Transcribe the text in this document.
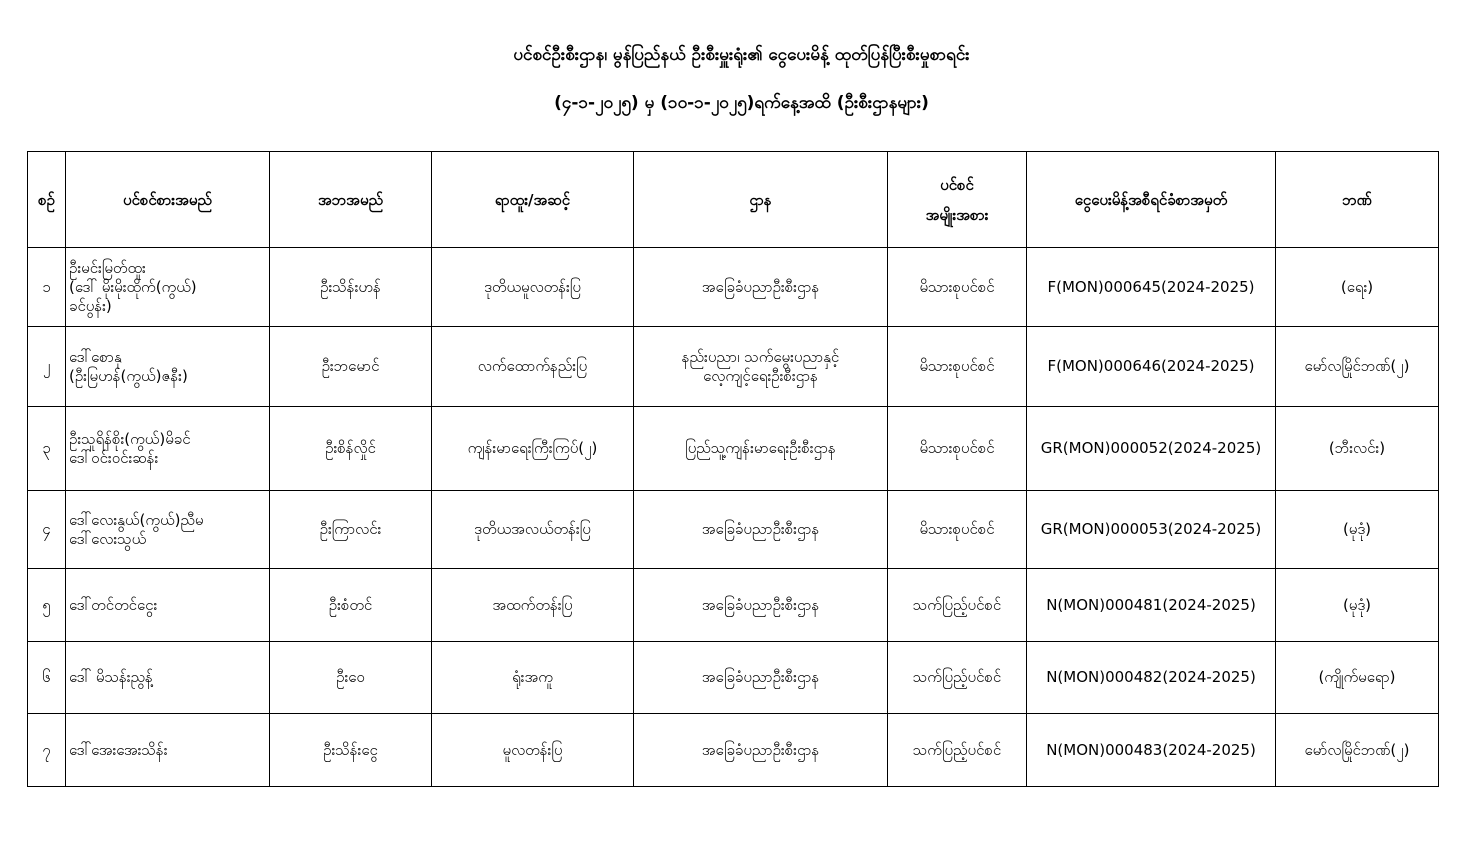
ပင်စင်ဦးစီးဌာန၊ မွန်ပြည်နယ် ဦးစီးမှူးရုံး၏ ငွေပေးမိန့် ထုတ်ပြန်ပြီးစီးမှုစာရင်း
(၄-၁-၂၀၂၅) မှ (၁၀-၁-၂၀၂၅)ရက်နေ့အထိ (ဦးစီးဌာနများ)
စဉ်	ပင်စင်စားအမည်	အဘအမည်	ရာထူး/အဆင့်	ဌာန	ပင်စင်
အမျိုးအစား	ငွေပေးမိန့်အစီရင်ခံစာအမှတ်	ဘဏ်
၁	ဦးမင်းမြတ်ထူး
(ဒေါ် မိုးမိုးထိုက်(ကွယ်)
ခင်ပွန်း)	ဦးသိန်းဟန်	ဒုတိယမူလတန်းပြ	အခြေခံပညာဦးစီးဌာန	မိသားစုပင်စင်	F(MON)000645(2024-2025)	(ရေး)
၂	ဒေါ်စောနု
(ဦးမြဟန်(ကွယ်)ဇနီး)	ဦးဘမောင်	လက်ထောက်နည်းပြ	နည်းပညာ၊ သက်မွေးပညာနှင့်
လေ့ကျင့်ရေးဦးစီးဌာန	မိသားစုပင်စင်	F(MON)000646(2024-2025)	မော်လမြိုင်ဘဏ်(၂)
၃	ဦးသူရိန်စိုး(ကွယ်)မိခင်
ဒေါ်ဝင်းဝင်းဆန်း	ဦးစိန်လှိုင်	ကျန်းမာရေးကြီးကြပ်(၂)	ပြည်သူ့ကျန်းမာရေးဦးစီးဌာန	မိသားစုပင်စင်	GR(MON)000052(2024-2025)	(ဘီးလင်း)
၄	ဒေါ်လေးနွယ်(ကွယ်)ညီမ
ဒေါ်လေးသွယ်	ဦးကြာလင်း	ဒုတိယအလယ်တန်းပြ	အခြေခံပညာဦးစီးဌာန	မိသားစုပင်စင်	GR(MON)000053(2024-2025)	(မုဒုံ)
၅	ဒေါ်တင်တင်ငွေး	ဦးစံတင်	အထက်တန်းပြ	အခြေခံပညာဦးစီးဌာန	သက်ပြည့်ပင်စင်	N(MON)000481(2024-2025)	(မုဒုံ)
၆	ဒေါ် မိသန်းညွန့်	ဦးဝေ	ရုံးအကူ	အခြေခံပညာဦးစီးဌာန	သက်ပြည့်ပင်စင်	N(MON)000482(2024-2025)	(ကျိုက်မရော)
၇	ဒေါ်အေးအေးသိန်း	ဦးသိန်းငွေ	မူလတန်းပြ	အခြေခံပညာဦးစီးဌာန	သက်ပြည့်ပင်စင်	N(MON)000483(2024-2025)	မော်လမြိုင်ဘဏ်(၂)
